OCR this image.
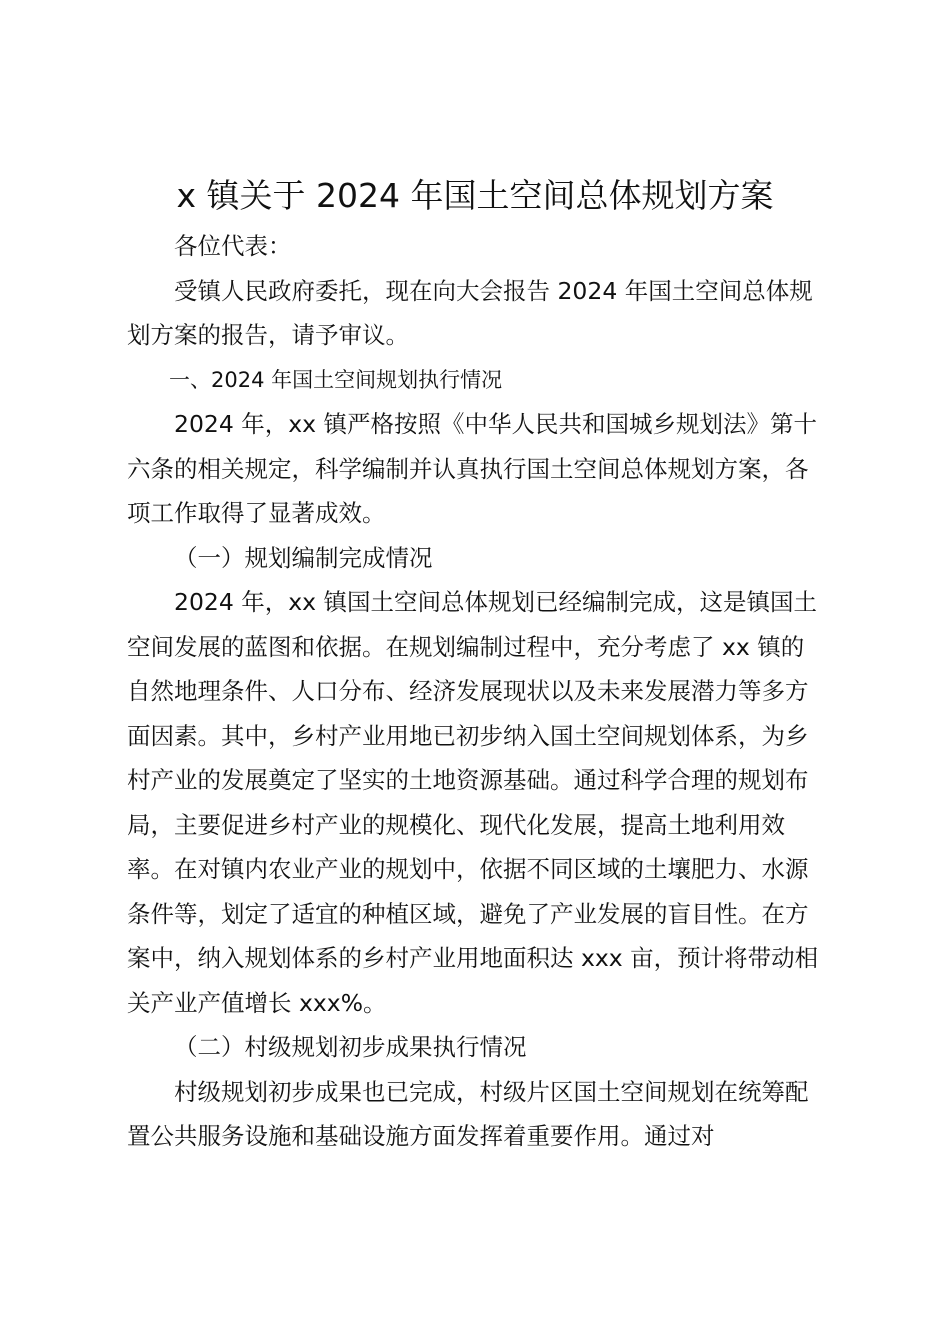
x 镇关于 2024 年国土空间总体规划方案

各位代表：

受镇人民政府委托，现在向大会报告 2024 年国土空间总体规划方案的报告，请予审议。

一、2024 年国土空间规划执行情况

2024 年，xx 镇严格按照《中华人民共和国城乡规划法》第十六条的相关规定，科学编制并认真执行国土空间总体规划方案，各项工作取得了显著成效。

（一）规划编制完成情况

2024 年，xx 镇国土空间总体规划已经编制完成，这是镇国土空间发展的蓝图和依据。在规划编制过程中，充分考虑了 xx 镇的自然地理条件、人口分布、经济发展现状以及未来发展潜力等多方面因素。其中，乡村产业用地已初步纳入国土空间规划体系，为乡村产业的发展奠定了坚实的土地资源基础。通过科学合理的规划布局，主要促进乡村产业的规模化、现代化发展，提高土地利用效率。在对镇内农业产业的规划中，依据不同区域的土壤肥力、水源条件等，划定了适宜的种植区域，避免了产业发展的盲目性。在方案中，纳入规划体系的乡村产业用地面积达 xxx 亩，预计将带动相关产业产值增长 xxx%。

（二）村级规划初步成果执行情况

村级规划初步成果也已完成，村级片区国土空间规划在统筹配置公共服务设施和基础设施方面发挥着重要作用。通过对
